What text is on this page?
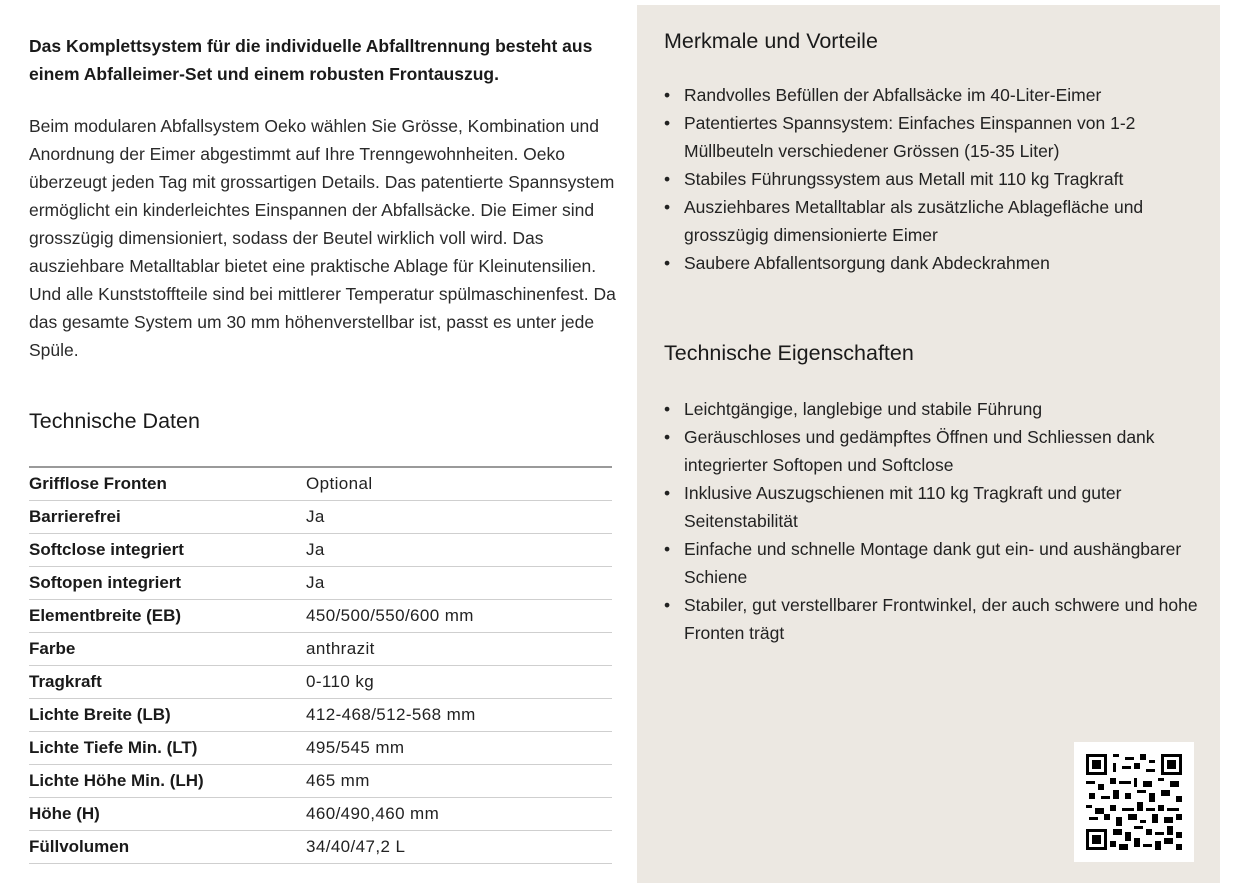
Das Komplettsystem für die individuelle Abfalltrennung besteht aus einem Abfalleimer-Set und einem robusten Frontauszug.

Beim modularen Abfallsystem Oeko wählen Sie Grösse, Kombination und Anordnung der Eimer abgestimmt auf Ihre Trenngewohnheiten. Oeko überzeugt jeden Tag mit grossartigen Details. Das patentierte Spannsystem ermöglicht ein kinderleichtes Einspannen der Abfallsäcke. Die Eimer sind grosszügig dimensioniert, sodass der Beutel wirklich voll wird. Das ausziehbare Metalltablar bietet eine praktische Ablage für Kleinutensilien. Und alle Kunststoffteile sind bei mittlerer Temperatur spülmaschinenfest. Da das gesamte System um 30 mm höhenverstellbar ist, passt es unter jede Spüle.

Technische Daten
Grifflose Fronten	Optional
Barrierefrei	Ja
Softclose integriert	Ja
Softopen integriert	Ja
Elementbreite (EB)	450/500/550/600 mm
Farbe	anthrazit
Tragkraft	0-110 kg
Lichte Breite (LB)	412-468/512-568 mm
Lichte Tiefe Min. (LT)	495/545 mm
Lichte Höhe Min. (LH)	465 mm
Höhe (H)	460/490,460 mm
Füllvolumen	34/40/47,2 L
Merkmale und Vorteile
• Randvolles Befüllen der Abfallsäcke im 40-Liter-Eimer
• Patentiertes Spannsystem: Einfaches Einspannen von 1-2 Müllbeuteln verschiedener Grössen (15-35 Liter)
• Stabiles Führungssystem aus Metall mit 110 kg Tragkraft
• Ausziehbares Metalltablar als zusätzliche Ablagefläche und grosszügig dimensionierte Eimer
• Saubere Abfallentsorgung dank Abdeckrahmen
Technische Eigenschaften
• Leichtgängige, langlebige und stabile Führung
• Geräuschloses und gedämpftes Öffnen und Schliessen dank integrierter Softopen und Softclose
• Inklusive Auszugschienen mit 110 kg Tragkraft und guter Seitenstabilität
• Einfache und schnelle Montage dank gut ein- und aushängbarer Schiene
• Stabiler, gut verstellbarer Frontwinkel, der auch schwere und hohe Fronten trägt
